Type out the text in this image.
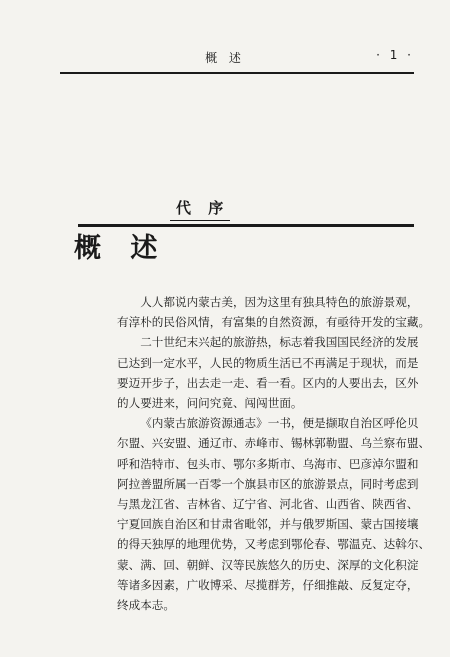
概 述	· 1 ·
代 序
概 述

人人都说内蒙古美，因为这里有独具特色的旅游景观，
有淳朴的民俗风情，有富集的自然资源，有亟待开发的宝藏。

二十世纪末兴起的旅游热，标志着我国国民经济的发展
已达到一定水平，人民的物质生活已不再满足于现状，而是
要迈开步子，出去走一走、看一看。区内的人要出去，区外
的人要进来，问问究竟、闯闯世面。

《内蒙古旅游资源通志》一书，便是撷取自治区呼伦贝
尔盟、兴安盟、通辽市、赤峰市、锡林郭勒盟、乌兰察布盟、
呼和浩特市、包头市、鄂尔多斯市、乌海市、巴彦淖尔盟和
阿拉善盟所属一百零一个旗县市区的旅游景点，同时考虑到
与黑龙江省、吉林省、辽宁省、河北省、山西省、陕西省、
宁夏回族自治区和甘肃省毗邻，并与俄罗斯国、蒙古国接壤
的得天独厚的地理优势，又考虑到鄂伦春、鄂温克、达斡尔、
蒙、满、回、朝鲜、汉等民族悠久的历史、深厚的文化积淀
等诸多因素，广收博采、尽揽群芳，仔细推敲、反复定夺，
终成本志。
